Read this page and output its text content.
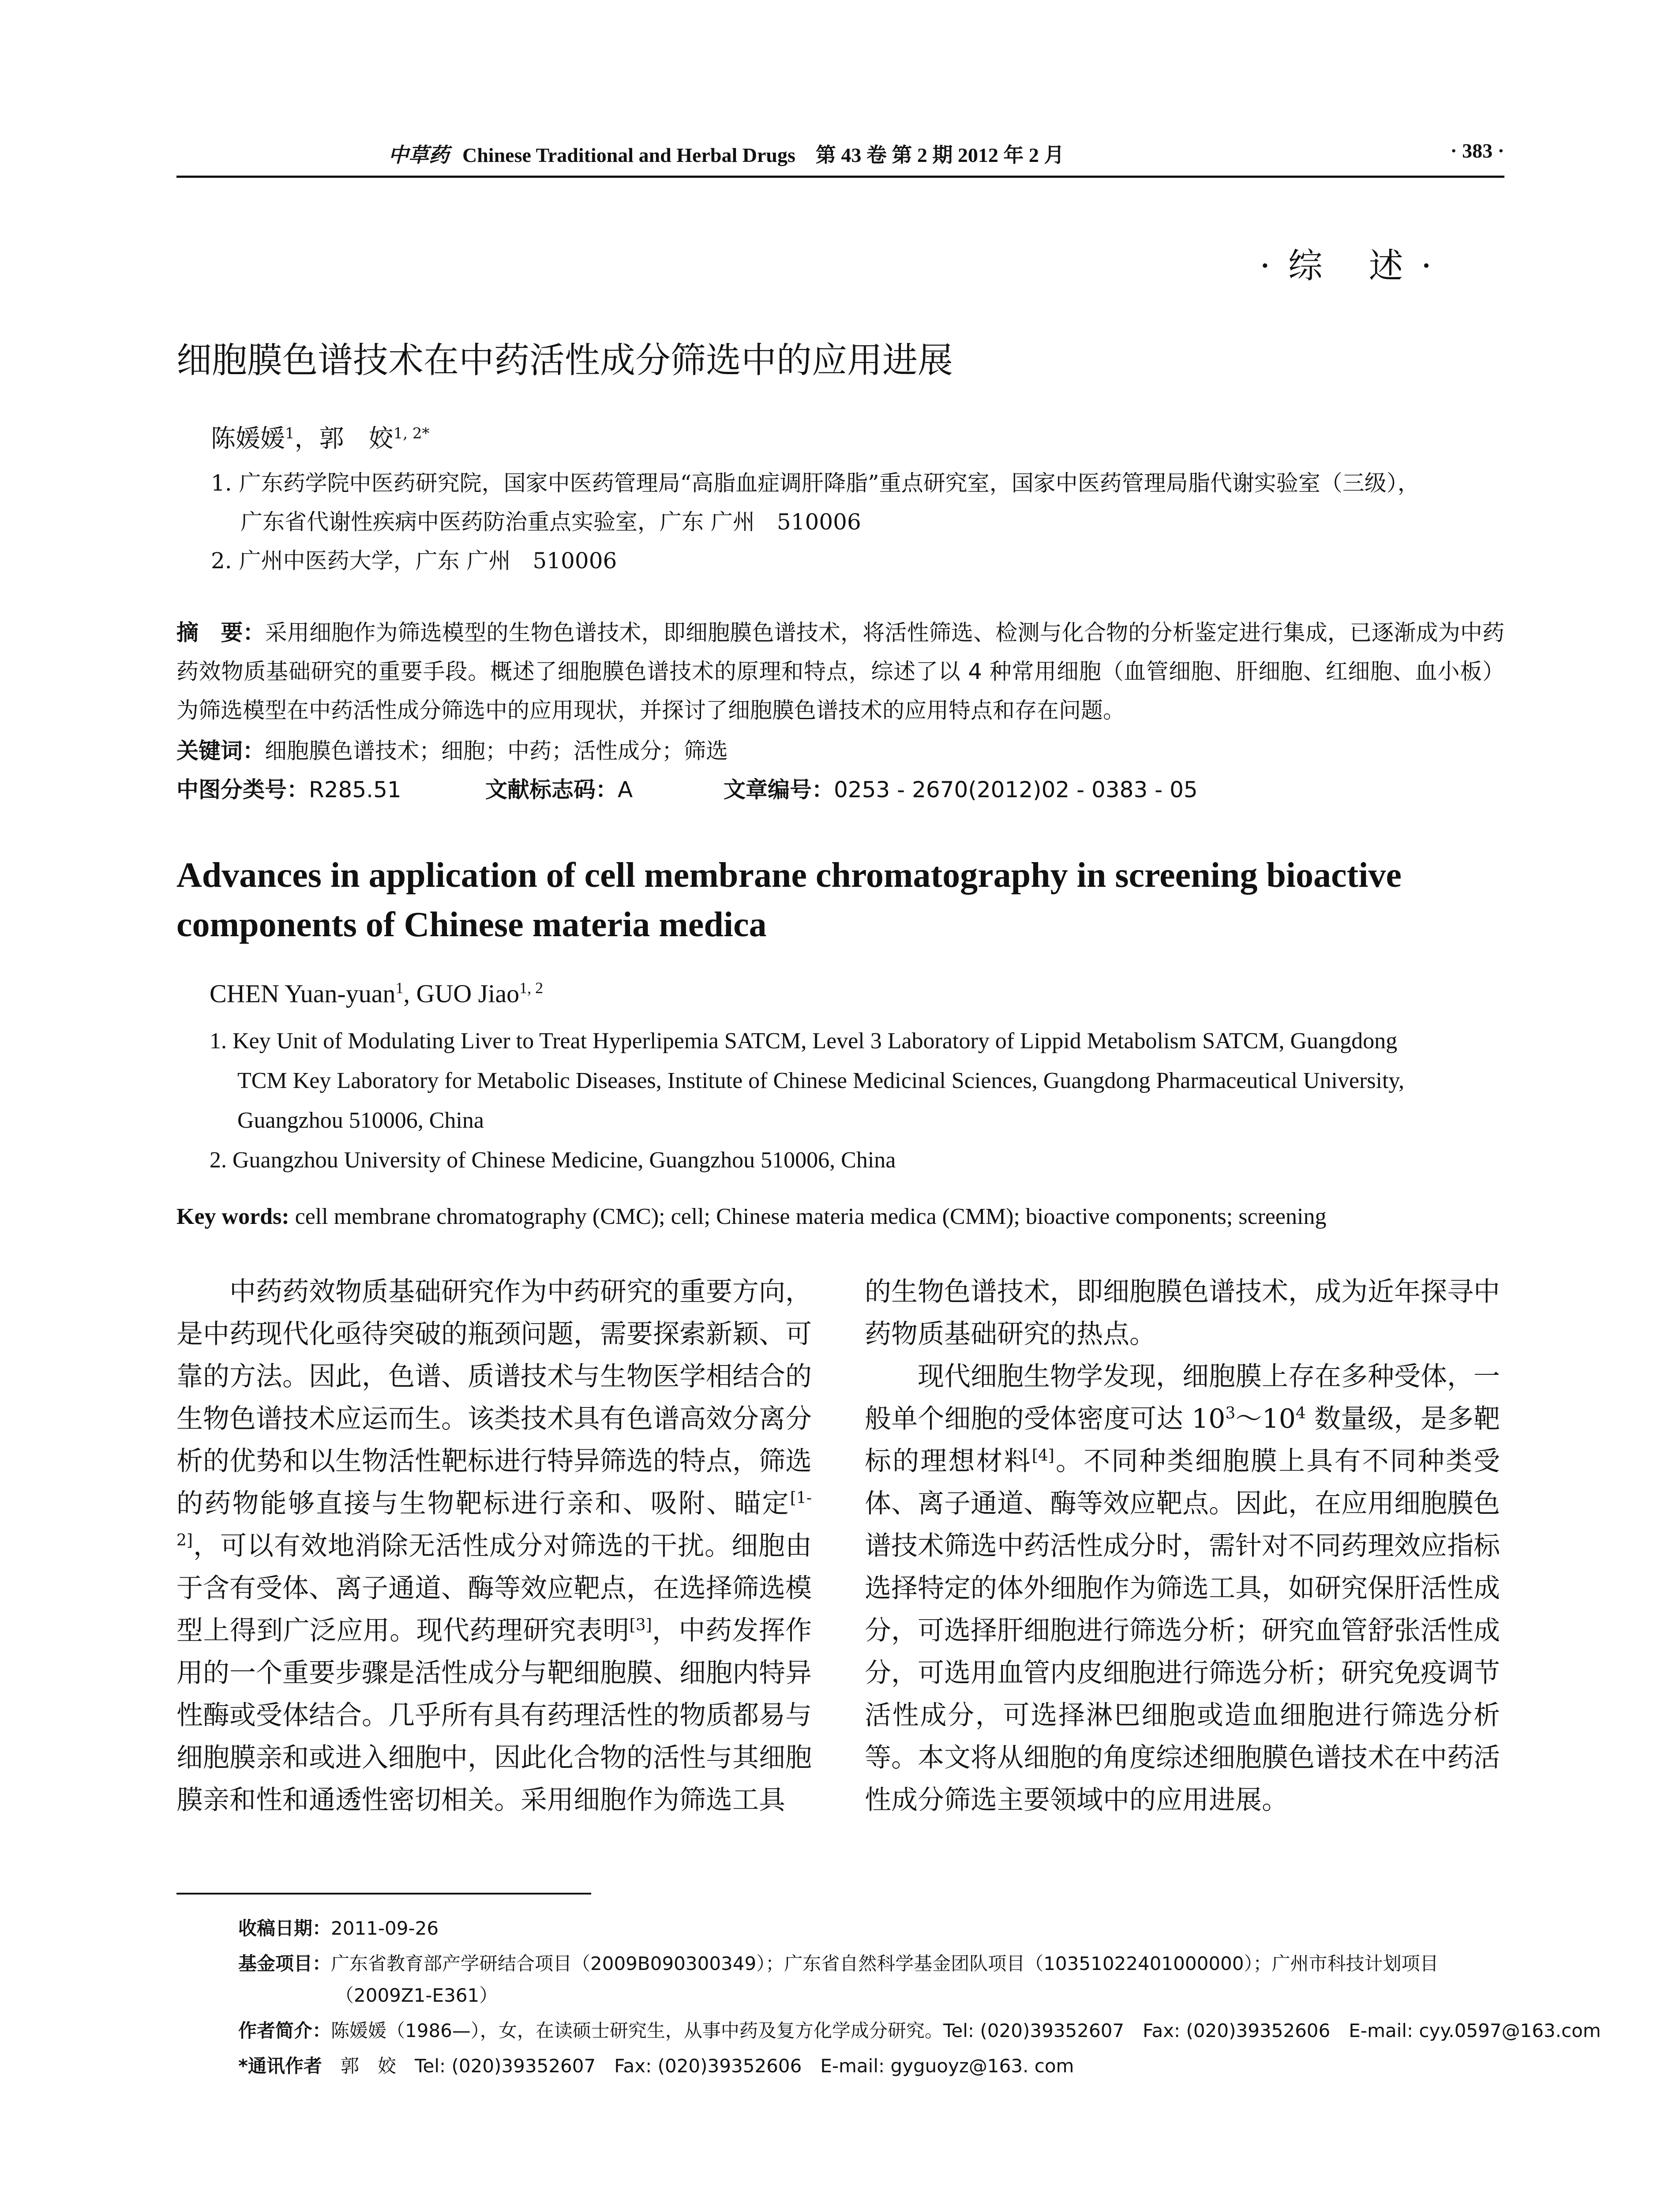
中草药 Chinese Traditional and Herbal Drugs　第 43 卷 第 2 期 2012 年 2 月	· 383 ·
·综 述·
细胞膜色谱技术在中药活性成分筛选中的应用进展
陈媛媛$^1$，郭　姣$^{1, 2*}$
1. 广东药学院中医药研究院，国家中医药管理局“高脂血症调肝降脂”重点研究室，国家中医药管理局脂代谢实验室（三级），
广东省代谢性疾病中医药防治重点实验室，广东 广州　510006
2. 广州中医药大学，广东 广州　510006
摘　要：采用细胞作为筛选模型的生物色谱技术，即细胞膜色谱技术，将活性筛选、检测与化合物的分析鉴定进行集成，已逐渐成为中药药效物质基础研究的重要手段。概述了细胞膜色谱技术的原理和特点，综述了以 4 种常用细胞（血管细胞、肝细胞、红细胞、血小板）为筛选模型在中药活性成分筛选中的应用现状，并探讨了细胞膜色谱技术的应用特点和存在问题。
关键词：细胞膜色谱技术；细胞；中药；活性成分；筛选
中图分类号：R285.51	文献标志码：A	文章编号：0253 - 2670(2012)02 - 0383 - 05
Advances in application of cell membrane chromatography in screening bioactive components of Chinese materia medica
CHEN Yuan-yuan$^1$, GUO Jiao$^{1, 2}$
1. Key Unit of Modulating Liver to Treat Hyperlipemia SATCM, Level 3 Laboratory of Lippid Metabolism SATCM, Guangdong
TCM Key Laboratory for Metabolic Diseases, Institute of Chinese Medicinal Sciences, Guangdong Pharmaceutical University,
Guangzhou 510006, China
2. Guangzhou University of Chinese Medicine, Guangzhou 510006, China
Key words: cell membrane chromatography (CMC); cell; Chinese materia medica (CMM); bioactive components; screening

中药药效物质基础研究作为中药研究的重要方向，是中药现代化亟待突破的瓶颈问题，需要探索新颖、可靠的方法。因此，色谱、质谱技术与生物医学相结合的生物色谱技术应运而生。该类技术具有色谱高效分离分析的优势和以生物活性靶标进行特异筛选的特点，筛选的药物能够直接与生物靶标进行亲和、吸附、瞄定[1-2]，可以有效地消除无活性成分对筛选的干扰。细胞由于含有受体、离子通道、酶等效应靶点，在选择筛选模型上得到广泛应用。现代药理研究表明[3]，中药发挥作用的一个重要步骤是活性成分与靶细胞膜、细胞内特异性酶或受体结合。几乎所有具有药理活性的物质都易与细胞膜亲和或进入细胞中，因此化合物的活性与其细胞膜亲和性和通透性密切相关。采用细胞作为筛选工具

的生物色谱技术，即细胞膜色谱技术，成为近年探寻中药物质基础研究的热点。

现代细胞生物学发现，细胞膜上存在多种受体，一般单个细胞的受体密度可达 $10^3\sim 10^4$ 数量级，是多靶标的理想材料[4]。不同种类细胞膜上具有不同种类受体、离子通道、酶等效应靶点。因此，在应用细胞膜色谱技术筛选中药活性成分时，需针对不同药理效应指标选择特定的体外细胞作为筛选工具，如研究保肝活性成分，可选择肝细胞进行筛选分析；研究血管舒张活性成分，可选用血管内皮细胞进行筛选分析；研究免疫调节活性成分，可选择淋巴细胞或造血细胞进行筛选分析等。本文将从细胞的角度综述细胞膜色谱技术在中药活性成分筛选主要领域中的应用进展。

收稿日期：2011-09-26
基金项目：广东省教育部产学研结合项目（2009B090300349）；广东省自然科学基金团队项目（10351022401000000）；广州市科技计划项目
（2009Z1-E361）
作者简介：陈媛媛（1986—），女，在读硕士研究生，从事中药及复方化学成分研究。Tel: (020)39352607　Fax: (020)39352606　E-mail: cyy.0597@163.com
*通讯作者　郭　姣　Tel: (020)39352607　Fax: (020)39352606　E-mail: gyguoyz@163. com
